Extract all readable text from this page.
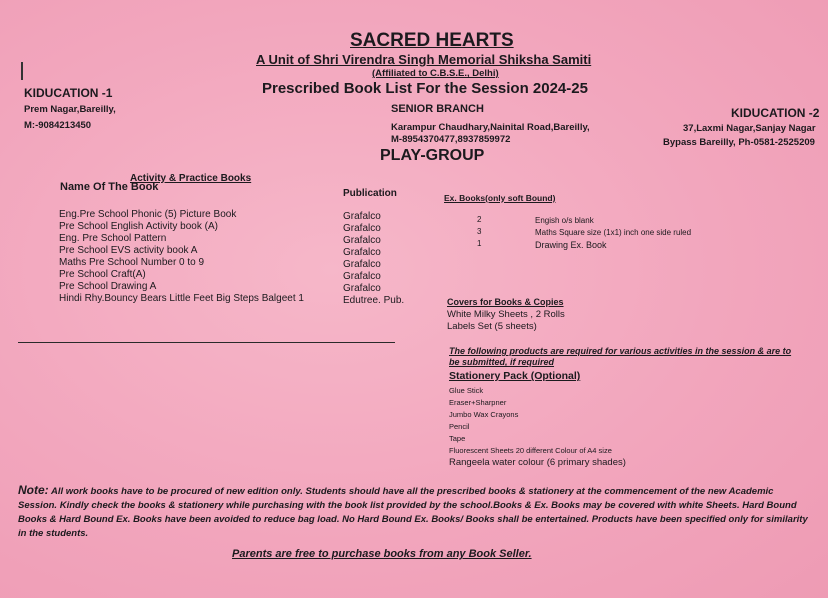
SACRED HEARTS
A Unit of Shri Virendra Singh Memorial Shiksha Samiti
(Affiliated to C.B.S.E., Delhi)
Prescribed Book List For the Session 2024-25
SENIOR BRANCH
Karampur Chaudhary,Nainital Road,Bareilly,
M-8954370477,8937859972
PLAY-GROUP
KIDUCATION -1
Prem Nagar,Bareilly,
M:-9084213450
KIDUCATION -2
37,Laxmi Nagar,Sanjay Nagar
Bypass Bareilly, Ph-0581-2525209
Activity & Practice Books
Name Of The Book
Publication
Eng.Pre School Phonic (5) Picture Book
Pre School English Activity book (A)
Eng. Pre School Pattern
Pre School EVS activity book A
Maths Pre School Number 0 to 9
Pre School Craft(A)
Pre School Drawing A
Hindi Rhy.Bouncy Bears Little Feet Big Steps Balgeet 1
Grafalco
Grafalco
Grafalco
Grafalco
Grafalco
Grafalco
Grafalco
Edutree. Pub.
Ex. Books(only soft Bound)
2
3
1
Engish o/s blank
Maths Square size (1x1) inch one side ruled
Drawing Ex. Book
Covers for Books & Copies
White Milky Sheets , 2 Rolls
Labels Set (5 sheets)
The following products are required for various activities in the session & are to
be submitted, if required
Stationery Pack (Optional)
Glue Stick
Eraser+Sharpner
Jumbo Wax Crayons
Pencil
Tape
Fluorescent Sheets 20 different Colour of A4 size
Rangeela water colour (6 primary shades)
Note: All work books have to be procured of new edition only. Students should have all the prescribed books & stationery at the commencement of the new Academic Session. Kindly check the books & stationery while purchasing with the book list provided by the school.Books & Ex. Books may be covered with white Sheets. Hard Bound Books & Hard Bound Ex. Books have been avoided to reduce bag load. No Hard Bound Ex. Books/ Books shall be entertained. Products have been specified only for similarity in the students.
Parents are free to purchase books from any Book Seller.
